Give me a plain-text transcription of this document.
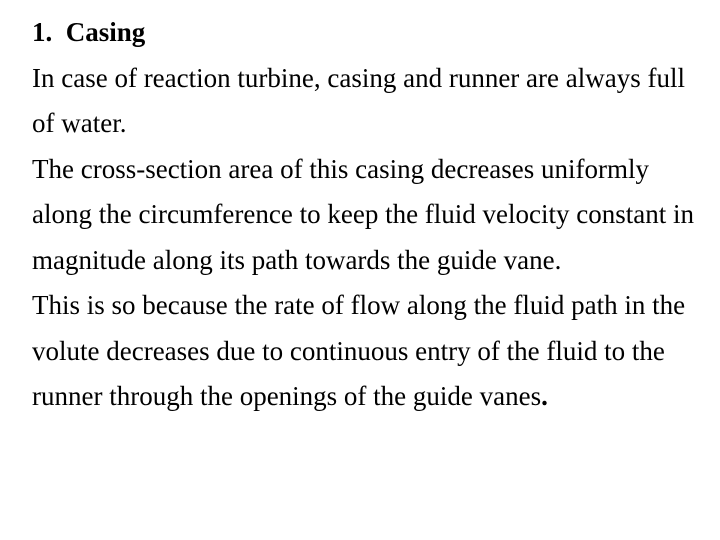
1.  Casing

In case of reaction turbine, casing and runner are always full of water.

The cross-section area of this casing decreases uniformly along the circumference to keep the fluid velocity constant in magnitude along its path towards the guide vane.

This is so because the rate of flow along the fluid path in the volute decreases due to continuous entry of the fluid to the runner through the openings of the guide vanes.
